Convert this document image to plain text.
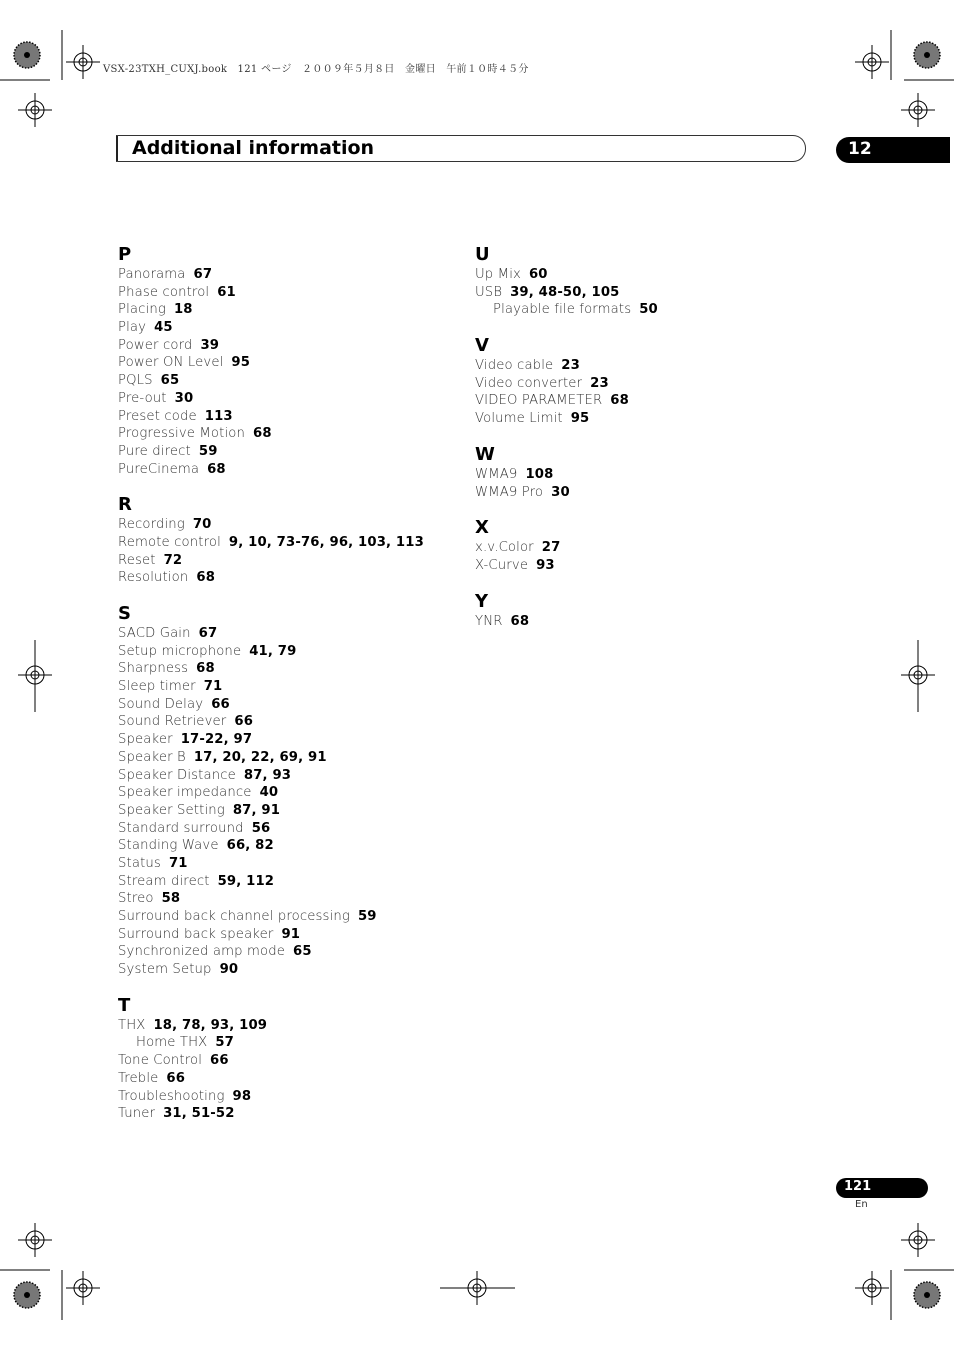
VSX-23TXH_CUXJ.book　121 ページ　２００９年５月８日　金曜日　午前１０時４５分
Additional information	12
P
Panorama 67
Phase control 61
Placing 18
Play 45
Power cord 39
Power ON Level 95
PQLS 65
Pre-out 30
Preset code 113
Progressive Motion 68
Pure direct 59
PureCinema 68
R
Recording 70
Remote control 9, 10, 73-76, 96, 103, 113
Reset 72
Resolution 68
S
SACD Gain 67
Setup microphone 41, 79
Sharpness 68
Sleep timer 71
Sound Delay 66
Sound Retriever 66
Speaker 17-22, 97
Speaker B 17, 20, 22, 69, 91
Speaker Distance 87, 93
Speaker impedance 40
Speaker Setting 87, 91
Standard surround 56
Standing Wave 66, 82
Status 71
Stream direct 59, 112
Streo 58
Surround back channel processing 59
Surround back speaker 91
Synchronized amp mode 65
System Setup 90
T
THX 18, 78, 93, 109
Home THX 57
Tone Control 66
Treble 66
Troubleshooting 98
Tuner 31, 51-52
U
Up Mix 60
USB 39, 48-50, 105
Playable file formats 50
V
Video cable 23
Video converter 23
VIDEO PARAMETER 68
Volume Limit 95
W
WMA9 108
WMA9 Pro 30
X
x.v.Color 27
X-Curve 93
Y
YNR 68
121
En
